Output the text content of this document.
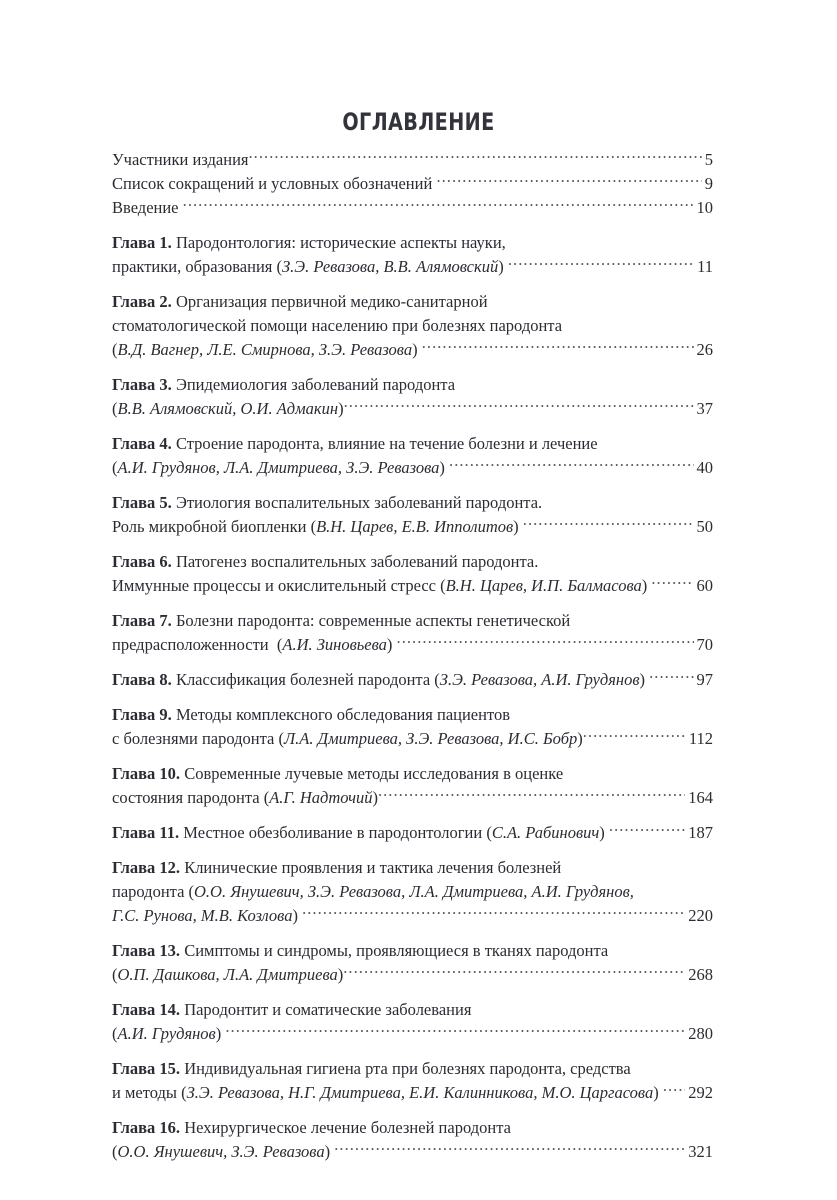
ОГЛАВЛЕНИЕ
Участники издания .....	5
Список сокращений и условных обозначений .....	9
Введение .....	10
Глава 1. Пародонтология: исторические аспекты науки,
практики, образования (З.Э. Ревазова, В.В. Алямовский) .....	11
Глава 2. Организация первичной медико-санитарной
стоматологической помощи населению при болезнях пародонта
(В.Д. Вагнер, Л.Е. Смирнова, З.Э. Ревазова) .....	26
Глава 3. Эпидемиология заболеваний пародонта
(В.В. Алямовский, О.И. Адмакин) .....	37
Глава 4. Строение пародонта, влияние на течение болезни и лечение
(А.И. Грудянов, Л.А. Дмитриева, З.Э. Ревазова) .....	40
Глава 5. Этиология воспалительных заболеваний пародонта.
Роль микробной биопленки (В.Н. Царев, Е.В. Ипполитов) .....	50
Глава 6. Патогенез воспалительных заболеваний пародонта.
Иммунные процессы и окислительный стресс (В.Н. Царев, И.П. Балмасова) .....	60
Глава 7. Болезни пародонта: современные аспекты генетической
предрасположенности  (А.И. Зиновьева) .....	70
Глава 8. Классификация болезней пародонта (З.Э. Ревазова, А.И. Грудянов) .....	97
Глава 9. Методы комплексного обследования пациентов
с болезнями пародонта (Л.А. Дмитриева, З.Э. Ревазова, И.С. Бобр) .....	112
Глава 10. Современные лучевые методы исследования в оценке
состояния пародонта (А.Г. Надточий) .....	164
Глава 11. Местное обезболивание в пародонтологии (С.А. Рабинович) .....	187
Глава 12. Клинические проявления и тактика лечения болезней
пародонта (О.О. Янушевич, З.Э. Ревазова, Л.А. Дмитриева, А.И. Грудянов,
Г.С. Рунова, М.В. Козлова) .....	220
Глава 13. Симптомы и синдромы, проявляющиеся в тканях пародонта
(О.П. Дашкова, Л.А. Дмитриева) .....	268
Глава 14. Пародонтит и соматические заболевания
(А.И. Грудянов) .....	280
Глава 15. Индивидуальная гигиена рта при болезнях пародонта, средства
и методы (З.Э. Ревазова, Н.Г. Дмитриева, Е.И. Калинникова, М.О. Царгасова) ..... 292
Глава 16. Нехирургическое лечение болезней пародонта
(О.О. Янушевич, З.Э. Ревазова) .....	321
